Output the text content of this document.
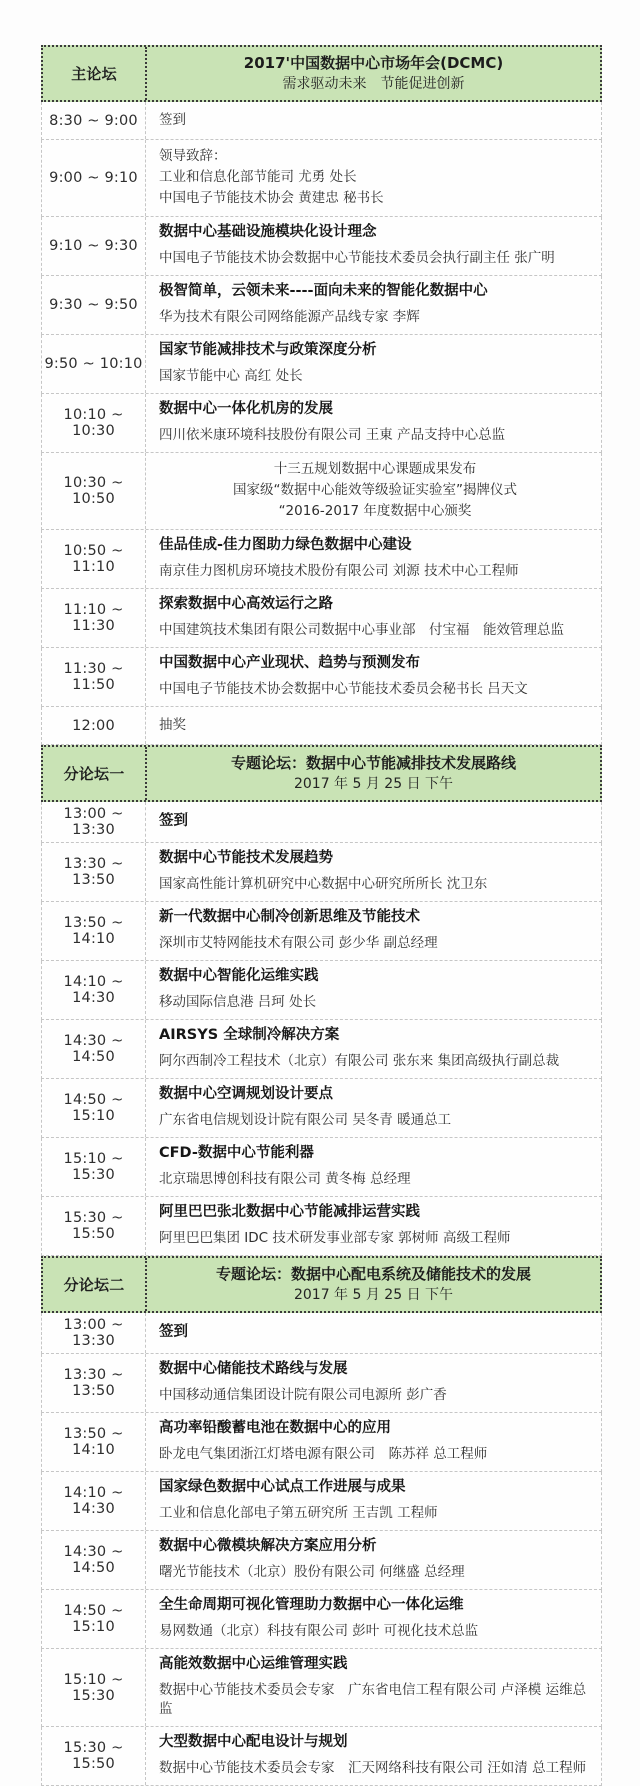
主论坛
2017'中国数据中心市场年会(DCMC)
需求驱动未来　节能促进创新
8:30 ~ 9:00	签到

9:00 ~ 9:10

领导致辞：

工业和信息化部节能司 尤勇 处长

中国电子节能技术协会 黄建忠 秘书长

9:10 ~ 9:30

数据中心基础设施模块化设计理念

中国电子节能技术协会数据中心节能技术委员会执行副主任 张广明

9:30 ~ 9:50

极智简单，云领未来----面向未来的智能化数据中心

华为技术有限公司网络能源产品线专家 李辉

9:50 ~ 10:10

国家节能减排技术与政策深度分析

国家节能中心 高红 处长

10:10 ~ 10:30

数据中心一体化机房的发展

四川依米康环境科技股份有限公司 王東 产品支持中心总监

10:30 ~ 10:50

十三五规划数据中心课题成果发布

国家级“数据中心能效等级验证实验室”揭牌仪式

“2016-2017 年度数据中心颁奖

10:50 ~ 11:10

佳品佳成-佳力图助力绿色数据中心建设

南京佳力图机房环境技术股份有限公司 刘源 技术中心工程师

11:10 ~ 11:30

探索数据中心高效运行之路

中国建筑技术集团有限公司数据中心事业部　付宝福　能效管理总监

11:30 ~ 11:50

中国数据中心产业现状、趋势与预测发布

中国电子节能技术协会数据中心节能技术委员会秘书长 吕天文

12:00	抽奖

分论坛一
专题论坛：数据中心节能减排技术发展路线
2017 年 5 月 25 日 下午
13:00 ~ 13:30

签到

13:30 ~ 13:50

数据中心节能技术发展趋势

国家高性能计算机研究中心数据中心研究所所长 沈卫东

13:50 ~ 14:10

新一代数据中心制冷创新思维及节能技术

深圳市艾特网能技术有限公司 彭少华 副总经理

14:10 ~ 14:30

数据中心智能化运维实践

移动国际信息港 吕珂 处长

14:30 ~ 14:50

AIRSYS 全球制冷解决方案

阿尔西制冷工程技术（北京）有限公司 张东来 集团高级执行副总裁

14:50 ~ 15:10

数据中心空调规划设计要点

广东省电信规划设计院有限公司 吴冬青 暖通总工

15:10 ~ 15:30

CFD-数据中心节能利器

北京瑞思博创科技有限公司 黄冬梅 总经理

15:30 ~ 15:50

阿里巴巴张北数据中心节能减排运营实践

阿里巴巴集团 IDC 技术研发事业部专家 郭树师 高级工程师

分论坛二
专题论坛：数据中心配电系统及储能技术的发展
2017 年 5 月 25 日 下午
13:00 ~ 13:30

签到

13:30 ~ 13:50

数据中心储能技术路线与发展

中国移动通信集团设计院有限公司电源所 彭广香

13:50 ~ 14:10

高功率铅酸蓄电池在数据中心的应用

卧龙电气集团浙江灯塔电源有限公司　陈苏祥 总工程师

14:10 ~ 14:30

国家绿色数据中心试点工作进展与成果

工业和信息化部电子第五研究所 王吉凯 工程师

14:30 ~ 14:50

数据中心微模块解决方案应用分析

曙光节能技术（北京）股份有限公司 何继盛 总经理

14:50 ~ 15:10

全生命周期可视化管理助力数据中心一体化运维

易网数通（北京）科技有限公司 彭叶 可视化技术总监

15:10 ~ 15:30

高能效数据中心运维管理实践

数据中心节能技术委员会专家　广东省电信工程有限公司 卢泽模 运维总监

15:30 ~ 15:50

大型数据中心配电设计与规划

数据中心节能技术委员会专家　汇天网络科技有限公司 汪如清 总工程师
